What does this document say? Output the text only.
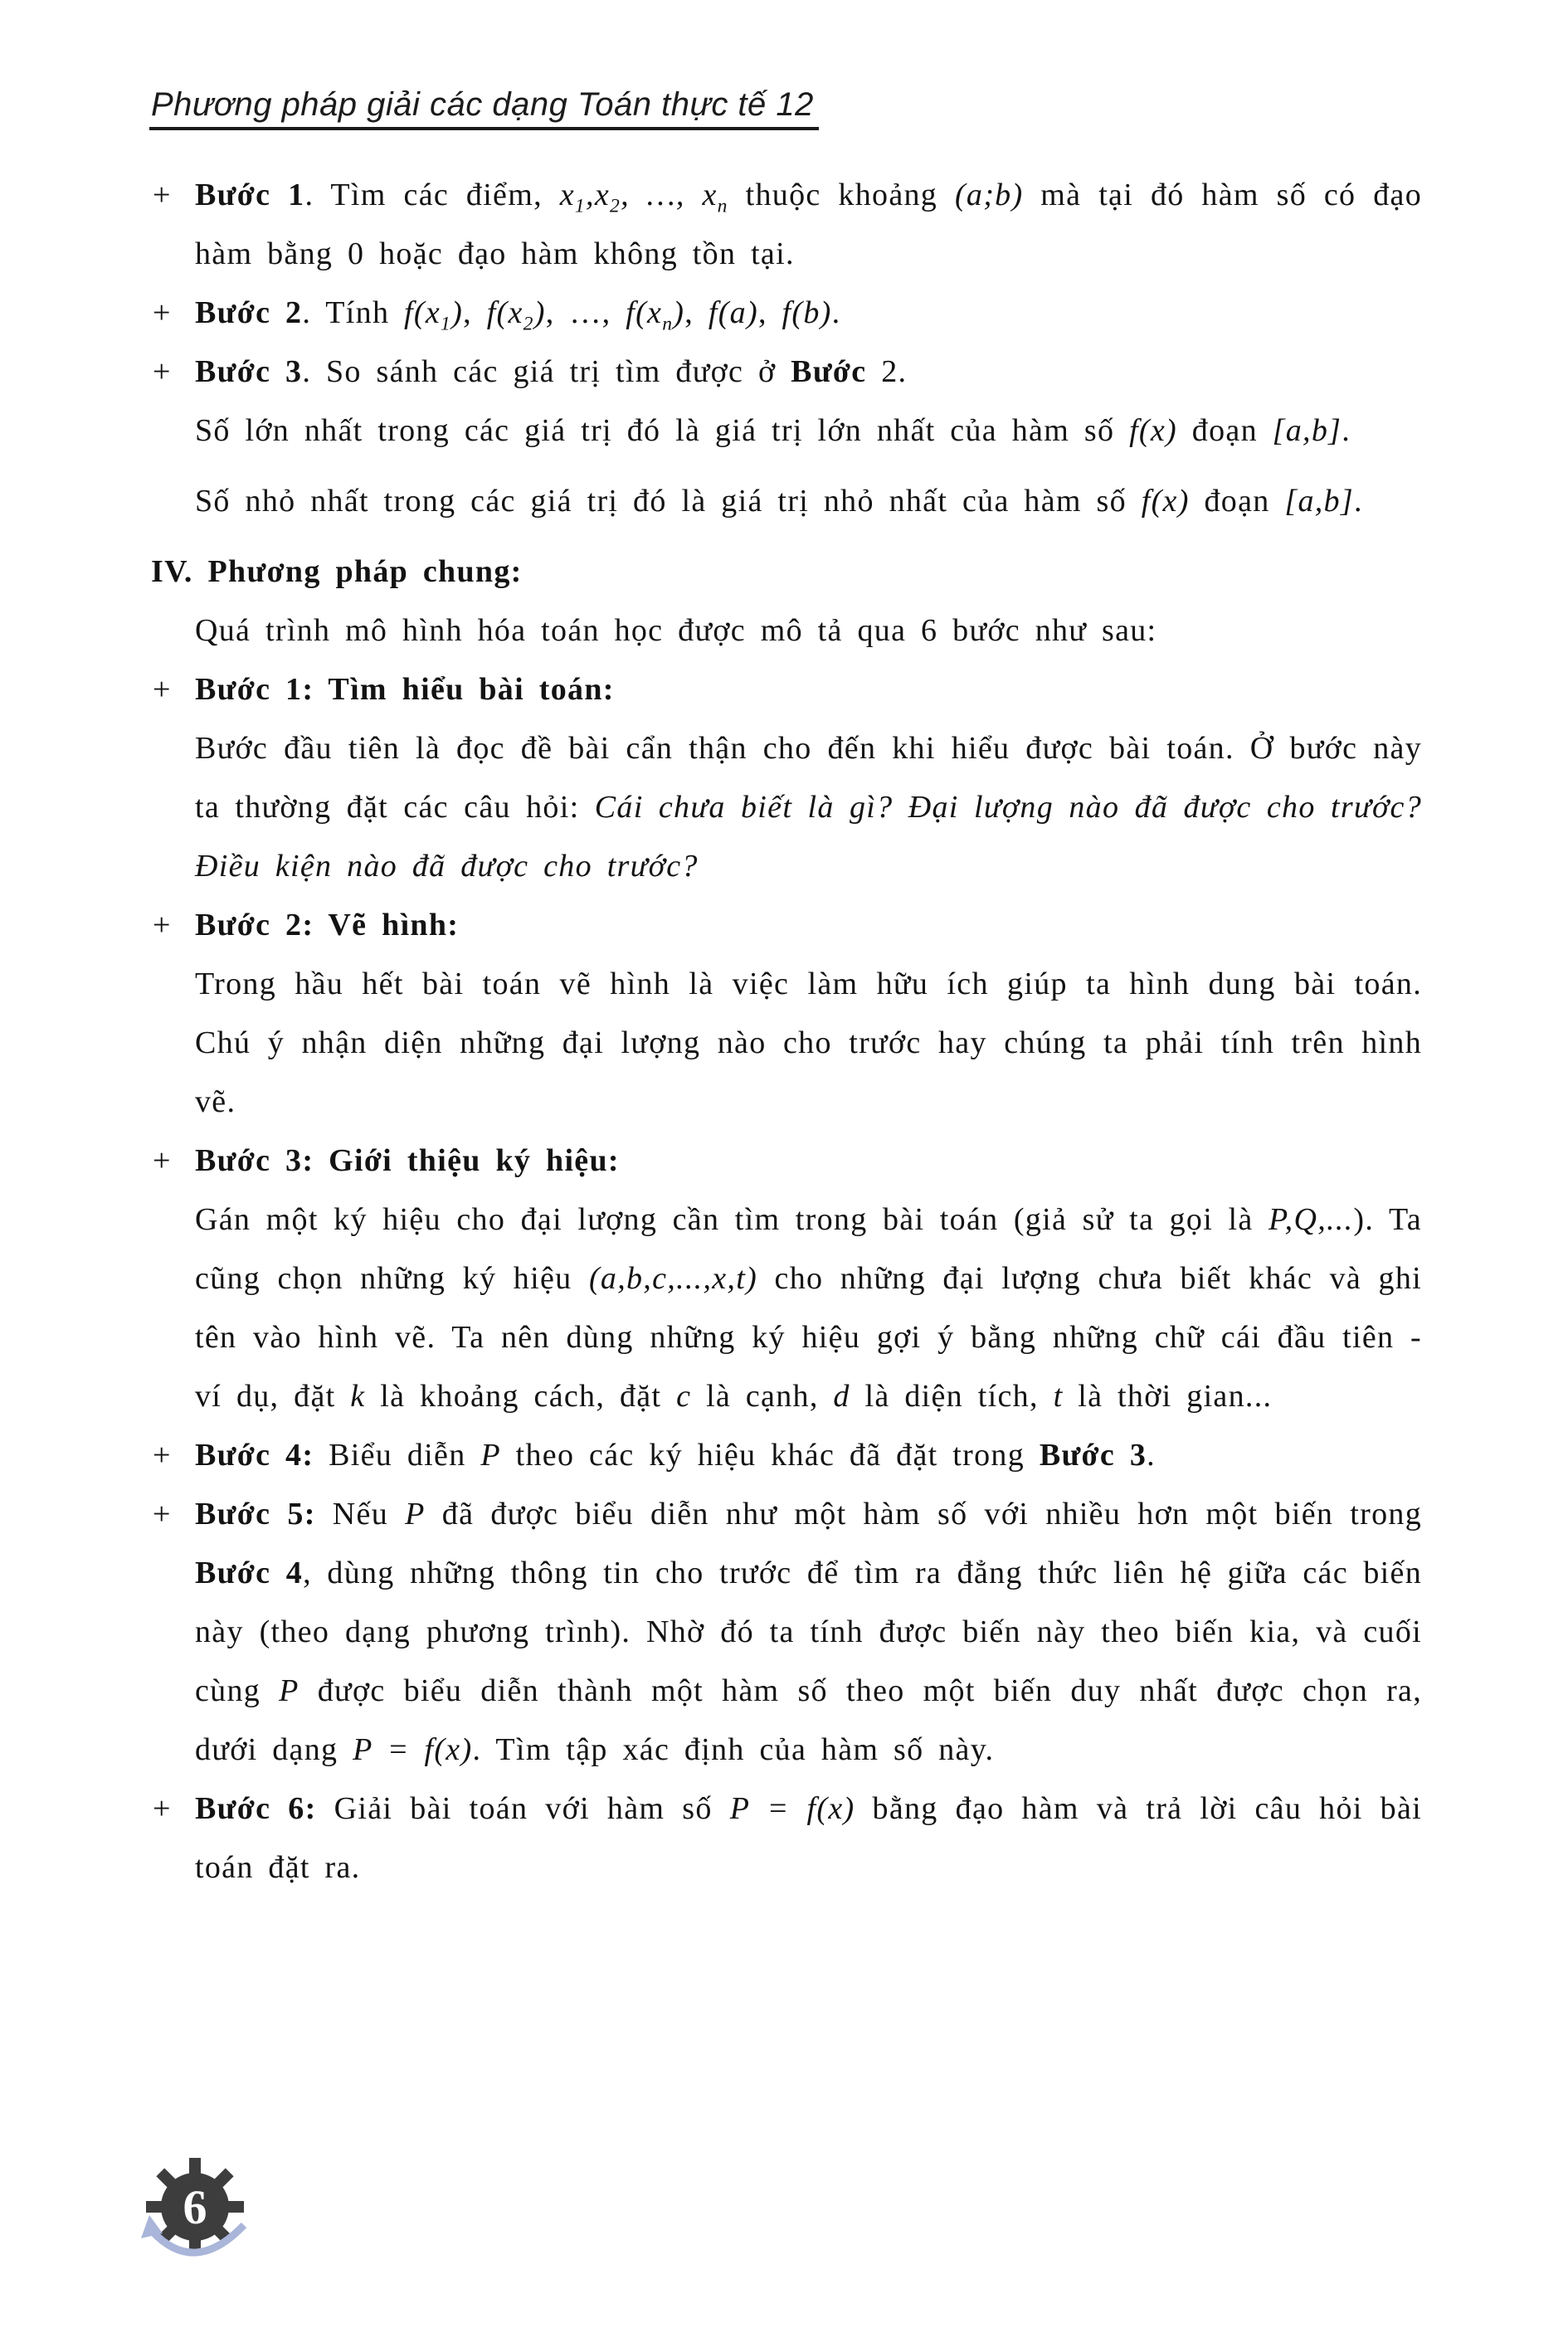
Phương pháp giải các dạng Toán thực tế 12
+ Bước 1. Tìm các điểm, $x_1,x_2$, …, $x_n$ thuộc khoảng (a;b) mà tại đó hàm số có đạo hàm bằng 0 hoặc đạo hàm không tồn tại.
+ Bước 2. Tính $f(x_1)$, $f(x_2)$, …, $f(x_n)$, f(a), f(b).
+ Bước 3. So sánh các giá trị tìm được ở Bước 2.
Số lớn nhất trong các giá trị đó là giá trị lớn nhất của hàm số f(x) đoạn [a,b].
Số nhỏ nhất trong các giá trị đó là giá trị nhỏ nhất của hàm số f(x) đoạn [a,b].
IV. Phương pháp chung:
Quá trình mô hình hóa toán học được mô tả qua 6 bước như sau:
+ Bước 1: Tìm hiểu bài toán:
Bước đầu tiên là đọc đề bài cẩn thận cho đến khi hiểu được bài toán. Ở bước này ta thường đặt các câu hỏi: Cái chưa biết là gì? Đại lượng nào đã được cho trước? Điều kiện nào đã được cho trước?
+ Bước 2: Vẽ hình:
Trong hầu hết bài toán vẽ hình là việc làm hữu ích giúp ta hình dung bài toán. Chú ý nhận diện những đại lượng nào cho trước hay chúng ta phải tính trên hình vẽ.
+ Bước 3: Giới thiệu ký hiệu:
Gán một ký hiệu cho đại lượng cần tìm trong bài toán (giả sử ta gọi là P,Q,...). Ta cũng chọn những ký hiệu (a,b,c,...,x,t) cho những đại lượng chưa biết khác và ghi tên vào hình vẽ. Ta nên dùng những ký hiệu gợi ý bằng những chữ cái đầu tiên - ví dụ, đặt k là khoảng cách, đặt c là cạnh, d là diện tích, t là thời gian...
+ Bước 4: Biểu diễn P theo các ký hiệu khác đã đặt trong Bước 3.
+ Bước 5: Nếu P đã được biểu diễn như một hàm số với nhiều hơn một biến trong Bước 4, dùng những thông tin cho trước để tìm ra đẳng thức liên hệ giữa các biến này (theo dạng phương trình). Nhờ đó ta tính được biến này theo biến kia, và cuối cùng P được biểu diễn thành một hàm số theo một biến duy nhất được chọn ra, dưới dạng P = f(x). Tìm tập xác định của hàm số này.
+ Bước 6: Giải bài toán với hàm số P = f(x) bằng đạo hàm và trả lời câu hỏi bài toán đặt ra.
6
